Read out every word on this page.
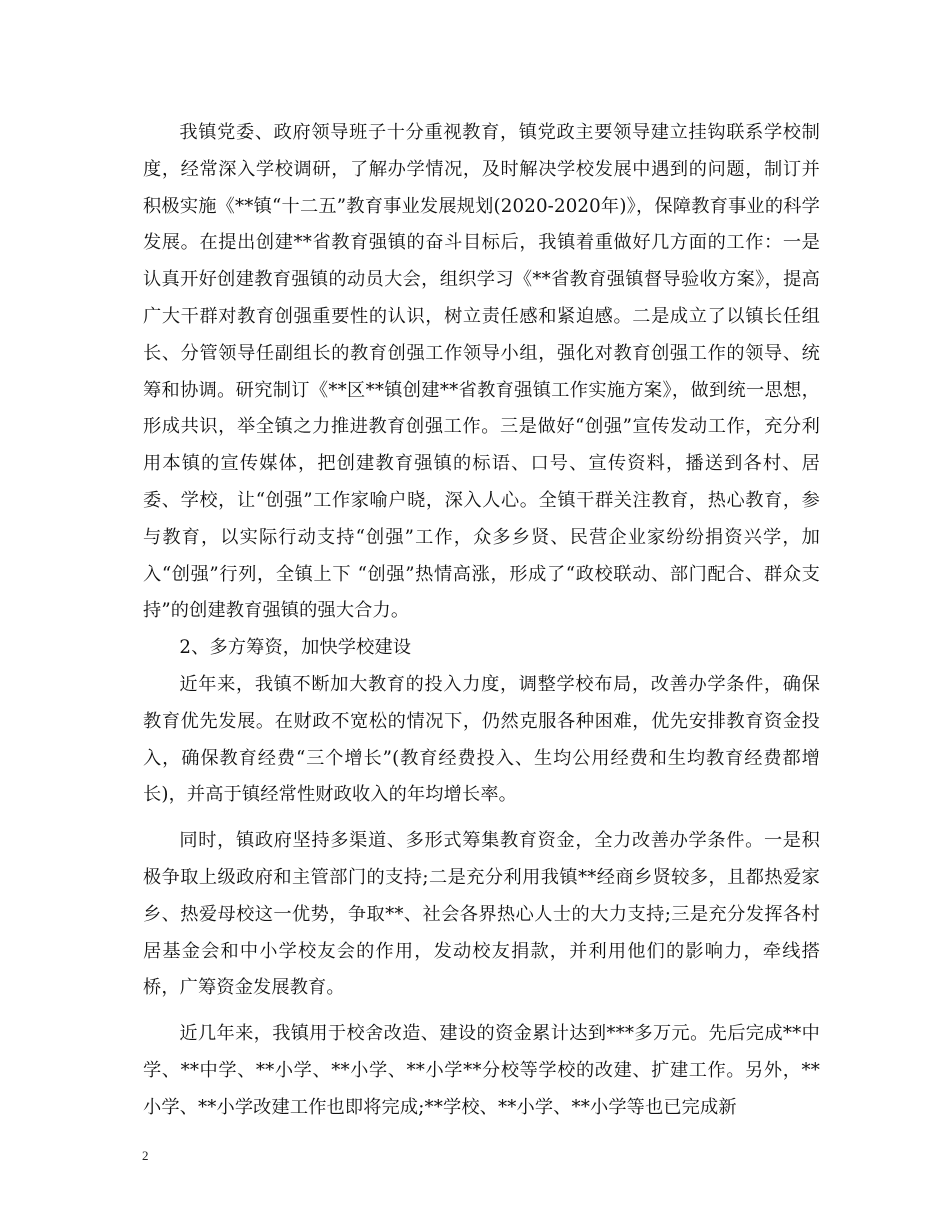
我镇党委、政府领导班子十分重视教育，镇党政主要领导建立挂钩联系学校制度，经常深入学校调研，了解办学情况，及时解决学校发展中遇到的问题，制订并积极实施《**镇“十二五”教育事业发展规划(2020-2020年)》，保障教育事业的科学发展。在提出创建**省教育强镇的奋斗目标后，我镇着重做好几方面的工作：一是认真开好创建教育强镇的动员大会，组织学习《**省教育强镇督导验收方案》，提高广大干群对教育创强重要性的认识，树立责任感和紧迫感。二是成立了以镇长任组长、分管领导任副组长的教育创强工作领导小组，强化对教育创强工作的领导、统筹和协调。研究制订《**区**镇创建**省教育强镇工作实施方案》，做到统一思想，形成共识，举全镇之力推进教育创强工作。三是做好“创强”宣传发动工作，充分利用本镇的宣传媒体，把创建教育强镇的标语、口号、宣传资料，播送到各村、居委、学校，让“创强”工作家喻户晓，深入人心。全镇干群关注教育，热心教育，参与教育，以实际行动支持“创强”工作，众多乡贤、民营企业家纷纷捐资兴学，加入“创强”行列，全镇上下 “创强”热情高涨，形成了“政校联动、部门配合、群众支持”的创建教育强镇的强大合力。

2、多方筹资，加快学校建设

近年来，我镇不断加大教育的投入力度，调整学校布局，改善办学条件，确保教育优先发展。在财政不宽松的情况下，仍然克服各种困难，优先安排教育资金投入，确保教育经费“三个增长”(教育经费投入、生均公用经费和生均教育经费都增长)，并高于镇经常性财政收入的年均增长率。

同时，镇政府坚持多渠道、多形式筹集教育资金，全力改善办学条件。一是积极争取上级政府和主管部门的支持;二是充分利用我镇**经商乡贤较多，且都热爱家乡、热爱母校这一优势，争取**、社会各界热心人士的大力支持;三是充分发挥各村居基金会和中小学校友会的作用，发动校友捐款，并利用他们的影响力，牵线搭桥，广筹资金发展教育。

近几年来，我镇用于校舍改造、建设的资金累计达到***多万元。先后完成**中学、**中学、**小学、**小学、**小学**分校等学校的改建、扩建工作。另外，**小学、**小学改建工作也即将完成;**学校、**小学、**小学等也已完成新

2
